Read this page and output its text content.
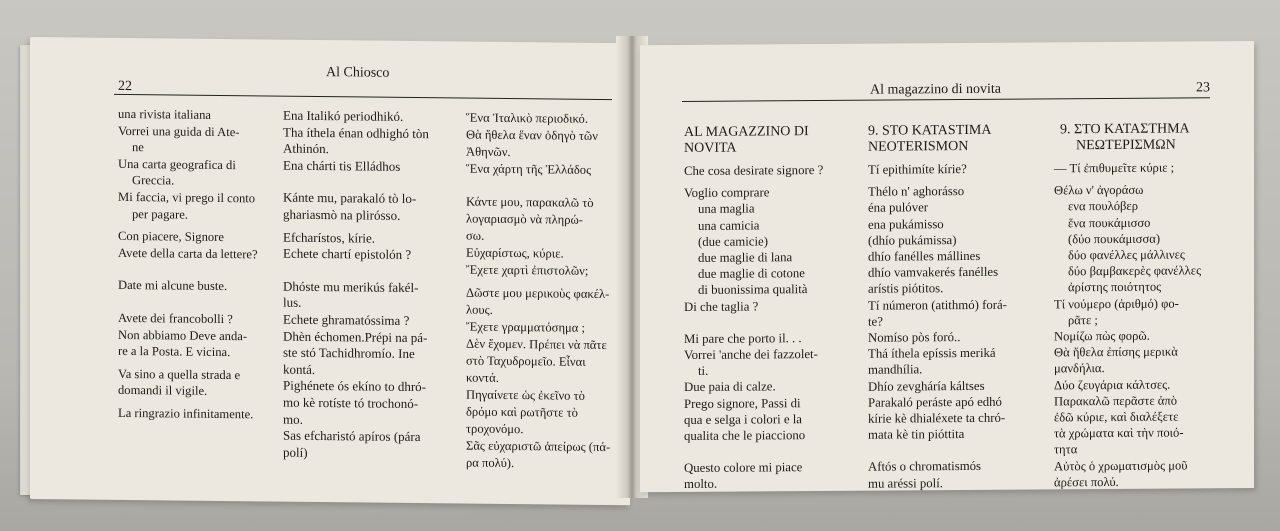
22
Al Chiosco
una rivista italiana
Vorrei una guida di Ate-
ne
Una carta geografica di
Greccia.
Mi faccia, vi prego il conto
per pagare.
Con piacere, Signore
Avete della carta da lettere?
Date mi alcune buste.
Avete dei francobolli ?
Non abbiamo Deve anda-
re a la Posta. E vicina.
Va sino a quella strada e
domandi il vigile.
La ringrazio infinitamente.
Ena Italikó periodhikó.
Tha íthela énan odhighó tòn
Athinón.
Ena chárti tis Elládhos
Kánte mu, parakaló tò lo-
ghariasmò na plirósso.
Efcharístos, kírie.
Echete chartí epistolón ?
Dhóste mu merikús fakél-
lus.
Echete ghramatóssima ?
Dhèn échomen.Prépi na pá-
ste stó Tachidhromío. Ine
kontá.
Pighénete ós ekíno to dhró-
mo kè rotíste tó trochonó-
mo.
Sas efcharistó apíros (pára
polí)
Ἕνα Ἰταλικὸ περιοδικό.
Θὰ ἤθελα ἕναν ὁδηγὸ τῶν
Ἀθηνῶν.
Ἕνα χάρτη τῆς Ἑλλάδος
Κάντε μου, παρακαλῶ τὸ
λογαριασμὸ νὰ πληρώ-
σω.
Εὐχαρίστως, κύριε.
Ἔχετε χαρτὶ ἐπιστολῶν;
Δῶστε μου μερικοὺς φακέλ-
λους.
Ἔχετε γραμματόσημα ;
Δὲν ἔχομεν. Πρέπει νὰ πᾶτε
στὸ Ταχυδρομεῖο. Εἶναι
κοντά.
Πηγαίνετε ὡς ἐκεῖνο τὸ
δρόμο καὶ ρωτῆστε τὸ
τροχονόμο.
Σᾶς εὐχαριστῶ ἀπείρως (πά-
ρα πολύ).
Al magazzino di novita	23
AL MAGAZZINO DI
NOVITA
Che cosa desirate signore ?
Voglio comprare
una maglia
una camicia
(due camicie)
due maglie di lana
due maglie di cotone
di buonissima qualità
Di che taglia ?
Mi pare che porto il. . .
Vorrei 'anche dei fazzolet-
ti.
Due paia di calze.
Prego signore, Passi di
qua e selga i colori e la
qualita che le piacciono
Questo colore mi piace
molto.
9. STO KATASTIMA
NEOTERISMON
Tí epithimíte kírie?
Thélo n' aghorásso
éna pulóver
ena pukámisso
(dhío pukámissa)
dhío fanélles mállines
dhío vamvakerés fanélles
arístis piótitos.
Tí númeron (atithmó) forá-
te?
Nomíso pòs foró..
Thá íthela epíssis meriká
mandhília.
Dhío zevgháría káltses
Parakaló peráste apó edhó
kírie kè dhialéxete ta chró-
mata kè tin pióttita
Aftós o chromatismós
mu aréssi polí.
9. ΣΤΟ ΚΑΤΑΣΤΗΜΑ
ΝΕΩΤΕΡΙΣΜΩΝ
— Τί ἐπιθυμεῖτε κύριε ;
Θέλω ν' ἀγοράσω
ενα πουλόβερ
ἕνα πουκάμισσο
(δύο πουκάμισσα)
δύο φανέλλες μάλλινες
δύο βαμβακερὲς φανέλλες
ἀρίστης ποιότητος
Τί νούμερο (ἀριθμό) φο-
ρᾶτε ;
Νομίζω πὼς φορῶ.
Θὰ ἤθελα ἐπίσης μερικὰ
μανδήλια.
Δύο ζευγάρια κάλτσες.
Παρακαλῶ περᾶστε ἀπὸ
ἐδῶ κύριε, καὶ διαλέξετε
τὰ χρώματα καὶ τὴν ποιό-
τητα
Αὐτὸς ὁ χρωματισμὸς μοῦ
ἀρέσει πολύ.
